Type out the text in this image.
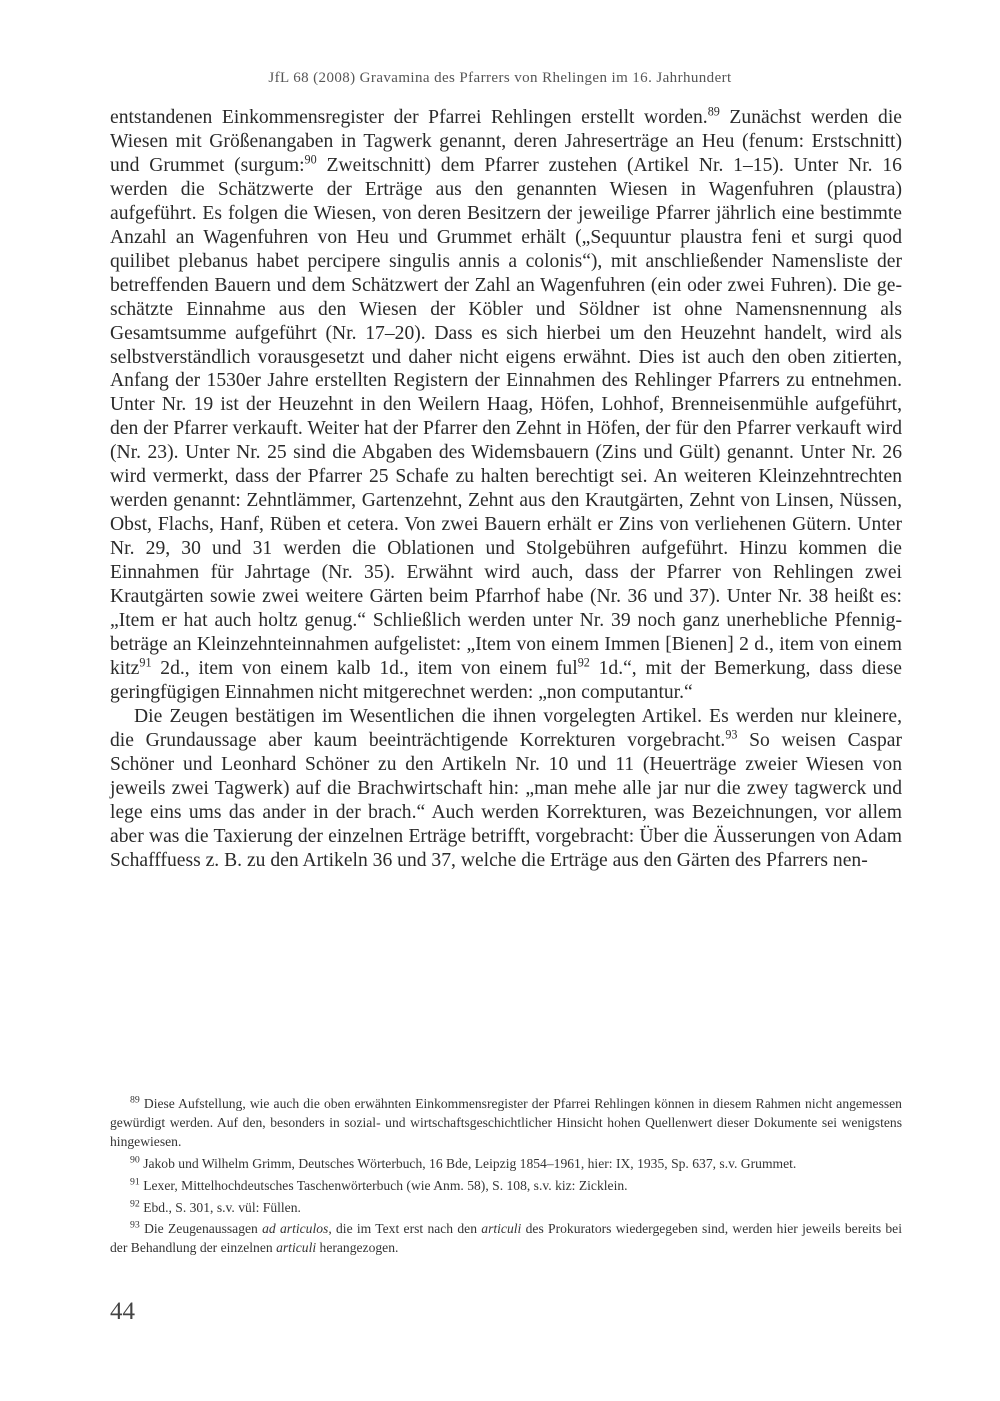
JfL 68 (2008) Gravamina des Pfarrers von Rhelingen im 16. Jahrhundert

entstandenen Einkommensregister der Pfarrei Rehlingen erstellt worden.$^{89}$ Zunächst werden die Wiesen mit Größenangaben in Tagwerk genannt, deren Jahreserträge an Heu (fenum: Erstschnitt) und Grummet (surgum:$^{90}$ Zweitschnitt) dem Pfarrer zustehen (Artikel Nr. 1–15). Unter Nr. 16 werden die Schätzwerte der Erträge aus den genannten Wiesen in Wagenfuhren (plaustra) aufgeführt. Es folgen die Wiesen, von deren Besitzern der jeweilige Pfarrer jährlich eine bestimmte Anzahl an Wagenfuhren von Heu und Grummet erhält („Sequuntur plaustra feni et surgi quod quilibet plebanus habet percipere singulis annis a colonis“), mit anschließender Namensliste der betreffenden Bauern und dem Schätzwert der Zahl an Wagenfuhren (ein oder zwei Fuhren). Die geschätzte Einnahme aus den Wiesen der Köbler und Söldner ist ohne Namensnennung als Gesamtsumme aufgeführt (Nr. 17–20). Dass es sich hierbei um den Heuzehnt handelt, wird als selbstverständlich vorausgesetzt und daher nicht eigens erwähnt. Dies ist auch den oben zitierten, Anfang der 1530er Jahre erstellten Registern der Einnahmen des Rehlinger Pfarrers zu entnehmen. Unter Nr. 19 ist der Heuzehnt in den Weilern Haag, Höfen, Lohhof, Brenneisenmühle aufgeführt, den der Pfarrer verkauft. Weiter hat der Pfarrer den Zehnt in Höfen, der für den Pfarrer verkauft wird (Nr. 23). Unter Nr. 25 sind die Abgaben des Widemsbauern (Zins und Gült) genannt. Unter Nr. 26 wird vermerkt, dass der Pfarrer 25 Schafe zu halten berechtigt sei. An weiteren Kleinzehntrechten werden genannt: Zehntlämmer, Gartenzehnt, Zehnt aus den Krautgärten, Zehnt von Linsen, Nüssen, Obst, Flachs, Hanf, Rüben et cetera. Von zwei Bauern erhält er Zins von verliehenen Gütern. Unter Nr. 29, 30 und 31 werden die Oblationen und Stolgebühren aufgeführt. Hinzu kommen die Einnahmen für Jahrtage (Nr. 35). Erwähnt wird auch, dass der Pfarrer von Rehlingen zwei Krautgärten sowie zwei weitere Gärten beim Pfarrhof habe (Nr. 36 und 37). Unter Nr. 38 heißt es: „Item er hat auch holtz genug.“ Schließlich werden unter Nr. 39 noch ganz unerhebliche Pfennigbeträge an Kleinzehnteinnahmen aufgelistet: „Item von einem Immen [Bienen] 2 d., item von einem kitz$^{91}$ 2d., item von einem kalb 1d., item von einem ful$^{92}$ 1d.“, mit der Bemerkung, dass diese geringfügigen Einnahmen nicht mitgerechnet werden: „non computantur.“

Die Zeugen bestätigen im Wesentlichen die ihnen vorgelegten Artikel. Es werden nur kleinere, die Grundaussage aber kaum beeinträchtigende Korrekturen vorgebracht.$^{93}$ So weisen Caspar Schöner und Leonhard Schöner zu den Artikeln Nr. 10 und 11 (Heuerträge zweier Wiesen von jeweils zwei Tagwerk) auf die Brachwirtschaft hin: „man mehe alle jar nur die zwey tagwerck und lege eins ums das ander in der brach.“ Auch werden Korrekturen, was Bezeichnungen, vor allem aber was die Taxierung der einzelnen Erträge betrifft, vorgebracht: Über die Äusserungen von Adam Schafffuess z. B. zu den Artikeln 36 und 37, welche die Erträge aus den Gärten des Pfarrers nen-

$^{89}$ Diese Aufstellung, wie auch die oben erwähnten Einkommensregister der Pfarrei Rehlingen können in diesem Rahmen nicht angemessen gewürdigt werden. Auf den, besonders in sozial- und wirtschaftsgeschichtlicher Hinsicht hohen Quellenwert dieser Dokumente sei wenigstens hingewiesen.

$^{90}$ Jakob und Wilhelm Grimm, Deutsches Wörterbuch, 16 Bde, Leipzig 1854–1961, hier: IX, 1935, Sp. 637, s.v. Grummet.

$^{91}$ Lexer, Mittelhochdeutsches Taschenwörterbuch (wie Anm. 58), S. 108, s.v. kiz: Zicklein.

$^{92}$ Ebd., S. 301, s.v. vül: Füllen.

$^{93}$ Die Zeugenaussagen ad articulos, die im Text erst nach den articuli des Prokurators wiedergegeben sind, werden hier jeweils bereits bei der Behandlung der einzelnen articuli herangezogen.

44
